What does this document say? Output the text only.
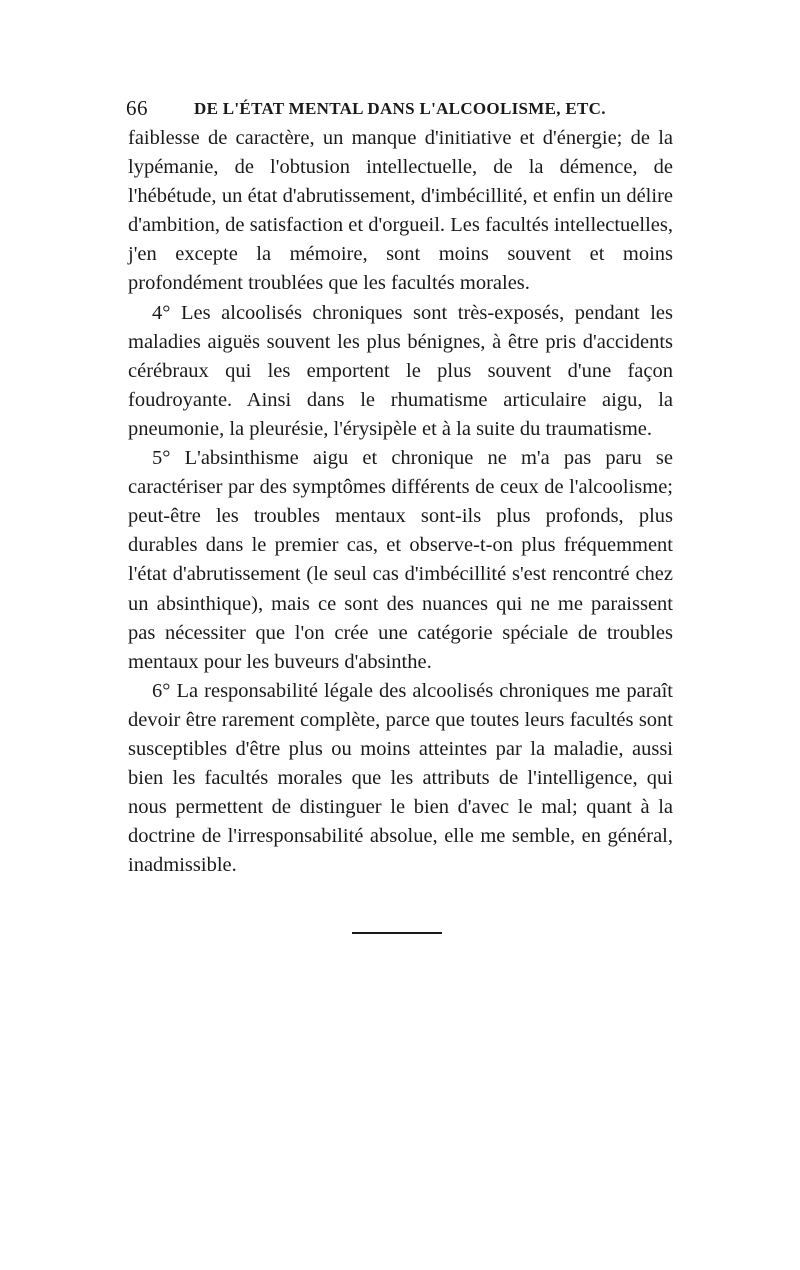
66	DE L'ÉTAT MENTAL DANS L'ALCOOLISME, ETC.

faiblesse de caractère, un manque d'initiative et d'énergie; de la lypémanie, de l'obtusion intellectuelle, de la démence, de l'hébétude, un état d'abrutissement, d'imbécillité, et enfin un délire d'ambition, de satisfaction et d'orgueil. Les facultés intellectuelles, j'en excepte la mémoire, sont moins souvent et moins profondément troublées que les facultés morales.

4° Les alcoolisés chroniques sont très-exposés, pendant les maladies aiguës souvent les plus bénignes, à être pris d'accidents cérébraux qui les emportent le plus souvent d'une façon foudroyante. Ainsi dans le rhumatisme articulaire aigu, la pneumonie, la pleurésie, l'érysipèle et à la suite du traumatisme.

5° L'absinthisme aigu et chronique ne m'a pas paru se caractériser par des symptômes différents de ceux de l'alcoolisme; peut-être les troubles mentaux sont-ils plus profonds, plus durables dans le premier cas, et observe-t-on plus fréquemment l'état d'abrutissement (le seul cas d'imbécillité s'est rencontré chez un absinthique), mais ce sont des nuances qui ne me paraissent pas nécessiter que l'on crée une catégorie spéciale de troubles mentaux pour les buveurs d'absinthe.

6° La responsabilité légale des alcoolisés chroniques me paraît devoir être rarement complète, parce que toutes leurs facultés sont susceptibles d'être plus ou moins atteintes par la maladie, aussi bien les facultés morales que les attributs de l'intelligence, qui nous permettent de distinguer le bien d'avec le mal; quant à la doctrine de l'irresponsabilité absolue, elle me semble, en général, inadmissible.
